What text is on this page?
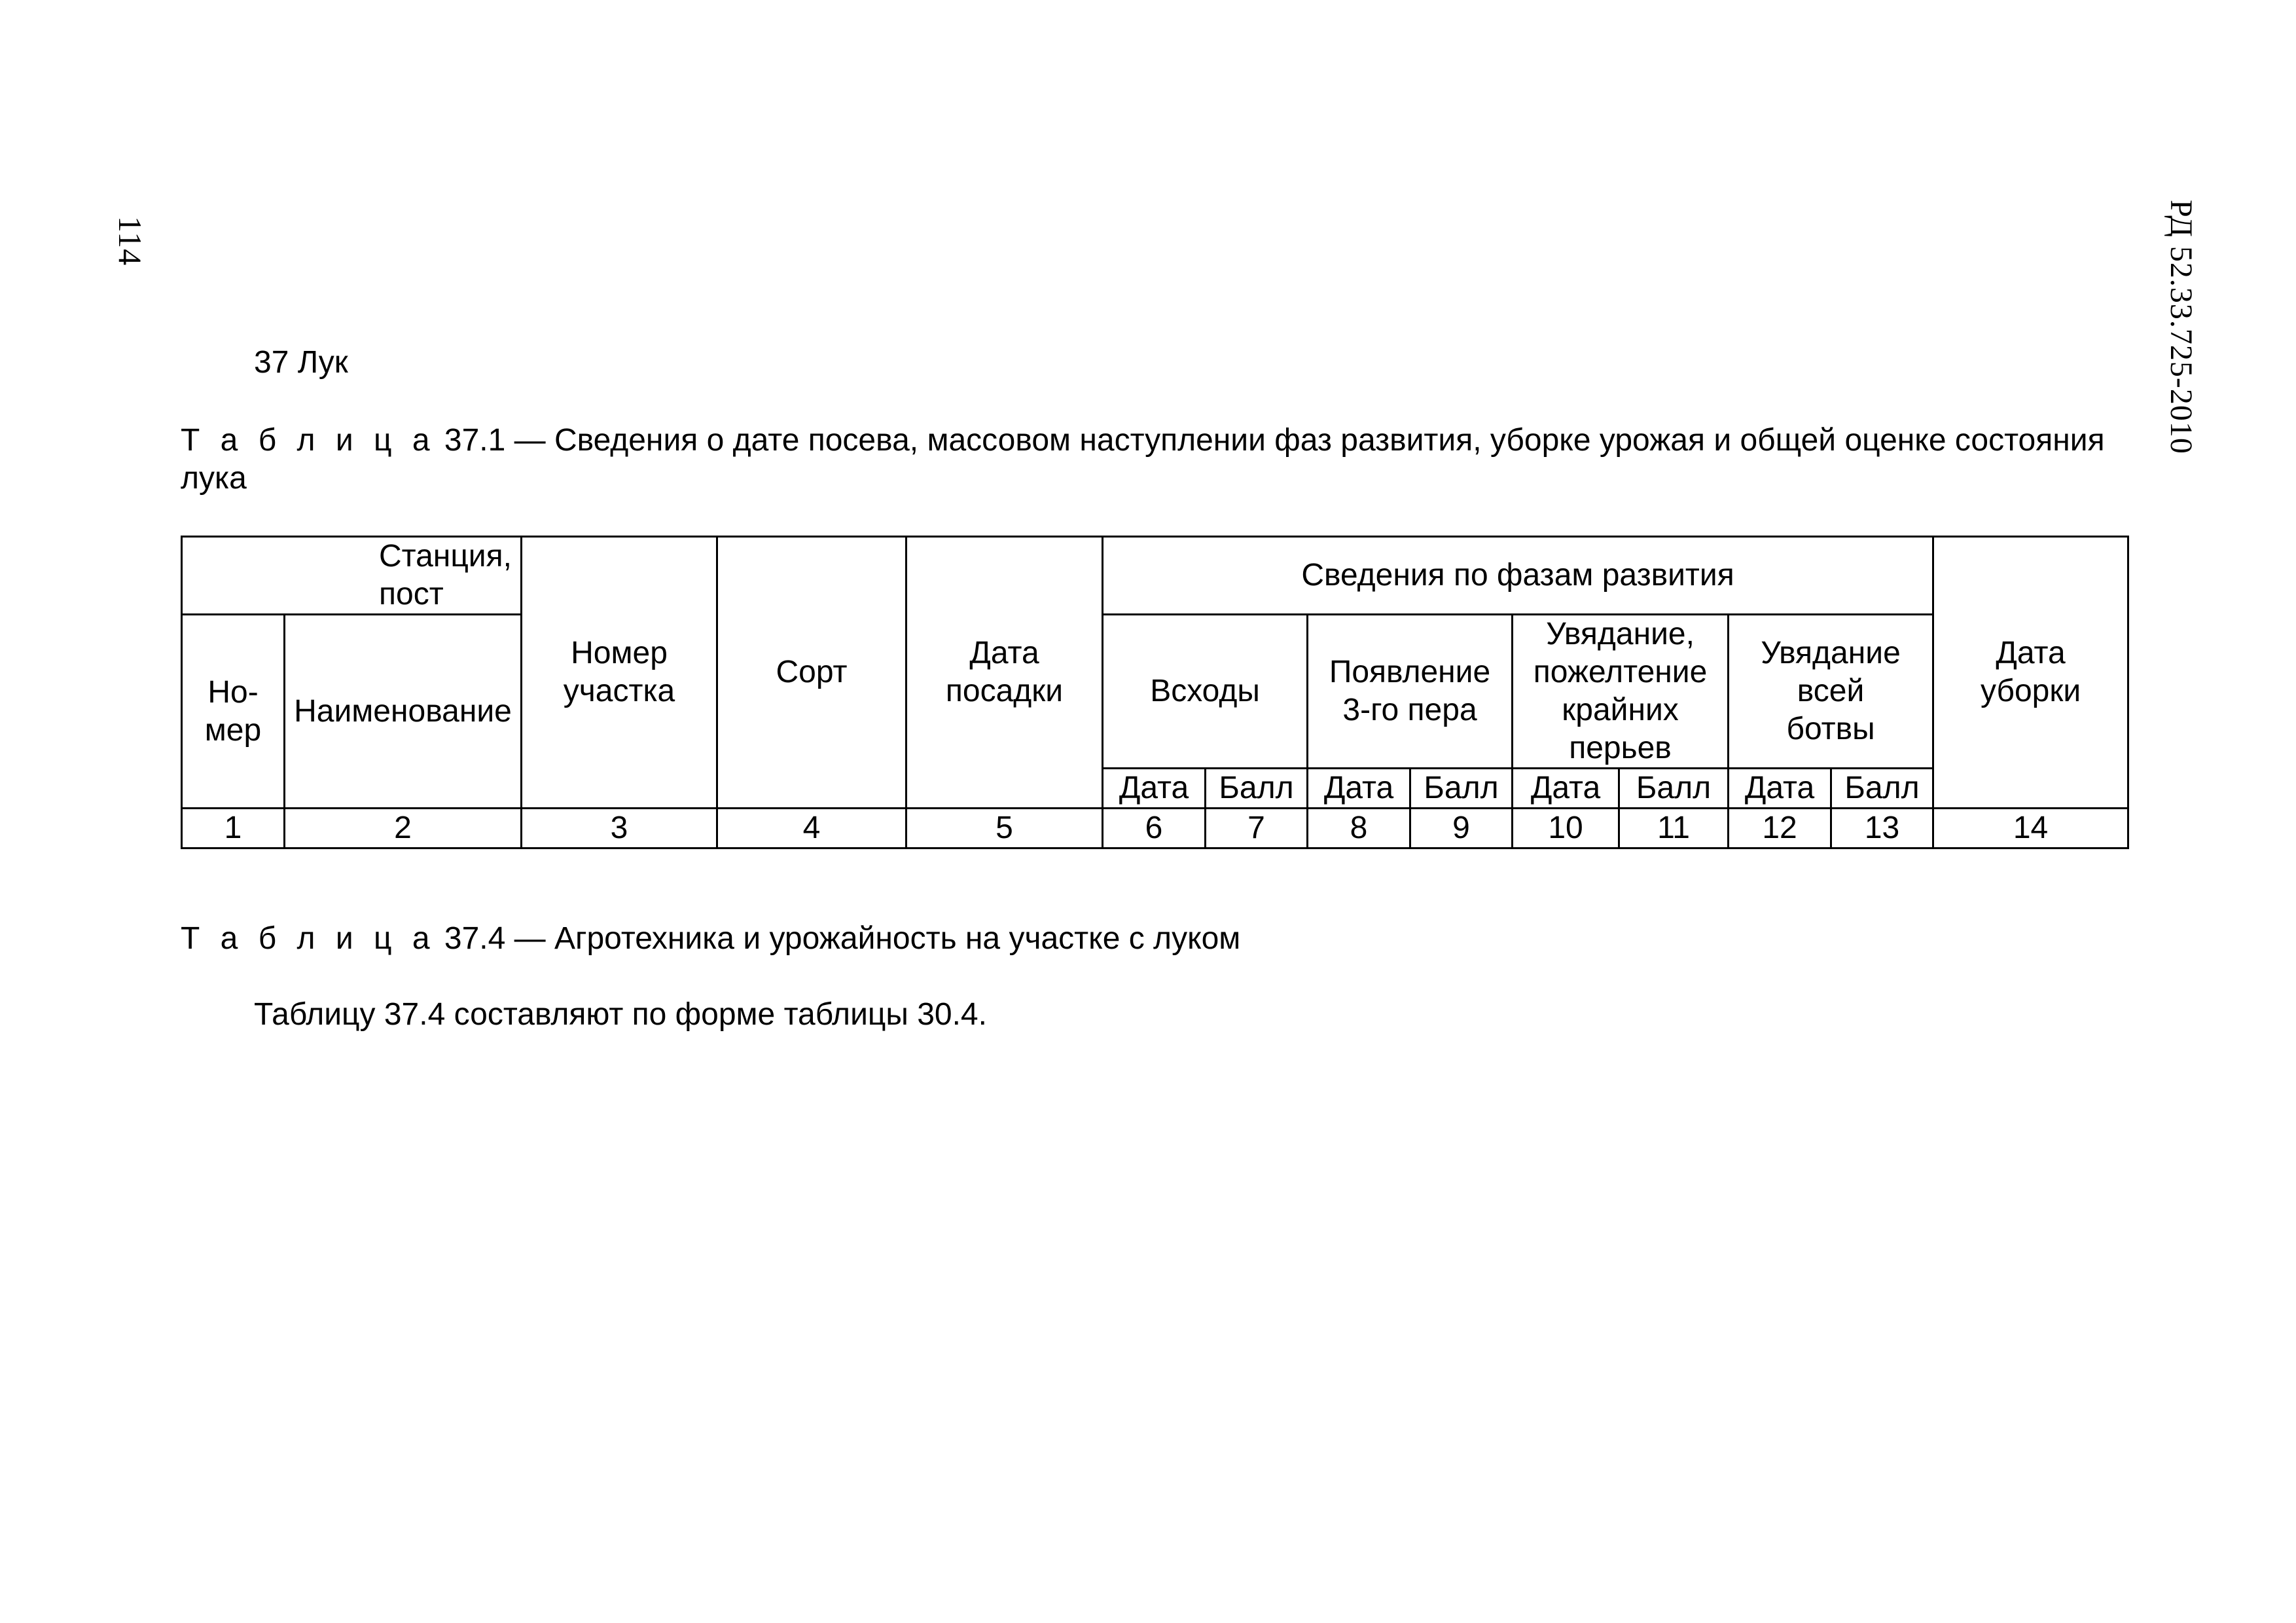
114	РД 52.33.725-2010
37 Лук
Т а б л и ц а 37.1 — Сведения о дате посева, массовом наступлении фаз развития, уборке урожая и общей оценке состояния лука
Станция, пост		Номер участка	Сорт	Дата посадки	Сведения по фазам развития								Дата уборки
Но-мер	Наименование				Всходы		Появление 3-го пера		Увядание, пожелтение крайних перьев		Увядание всей ботвы		
					Дата	Балл	Дата	Балл	Дата	Балл	Дата	Балл	
1	2	3	4	5	6	7	8	9	10	11	12	13	14
Т а б л и ц а 37.4 — Агротехника и урожайность на участке с луком
Таблицу 37.4 составляют по форме таблицы 30.4.
